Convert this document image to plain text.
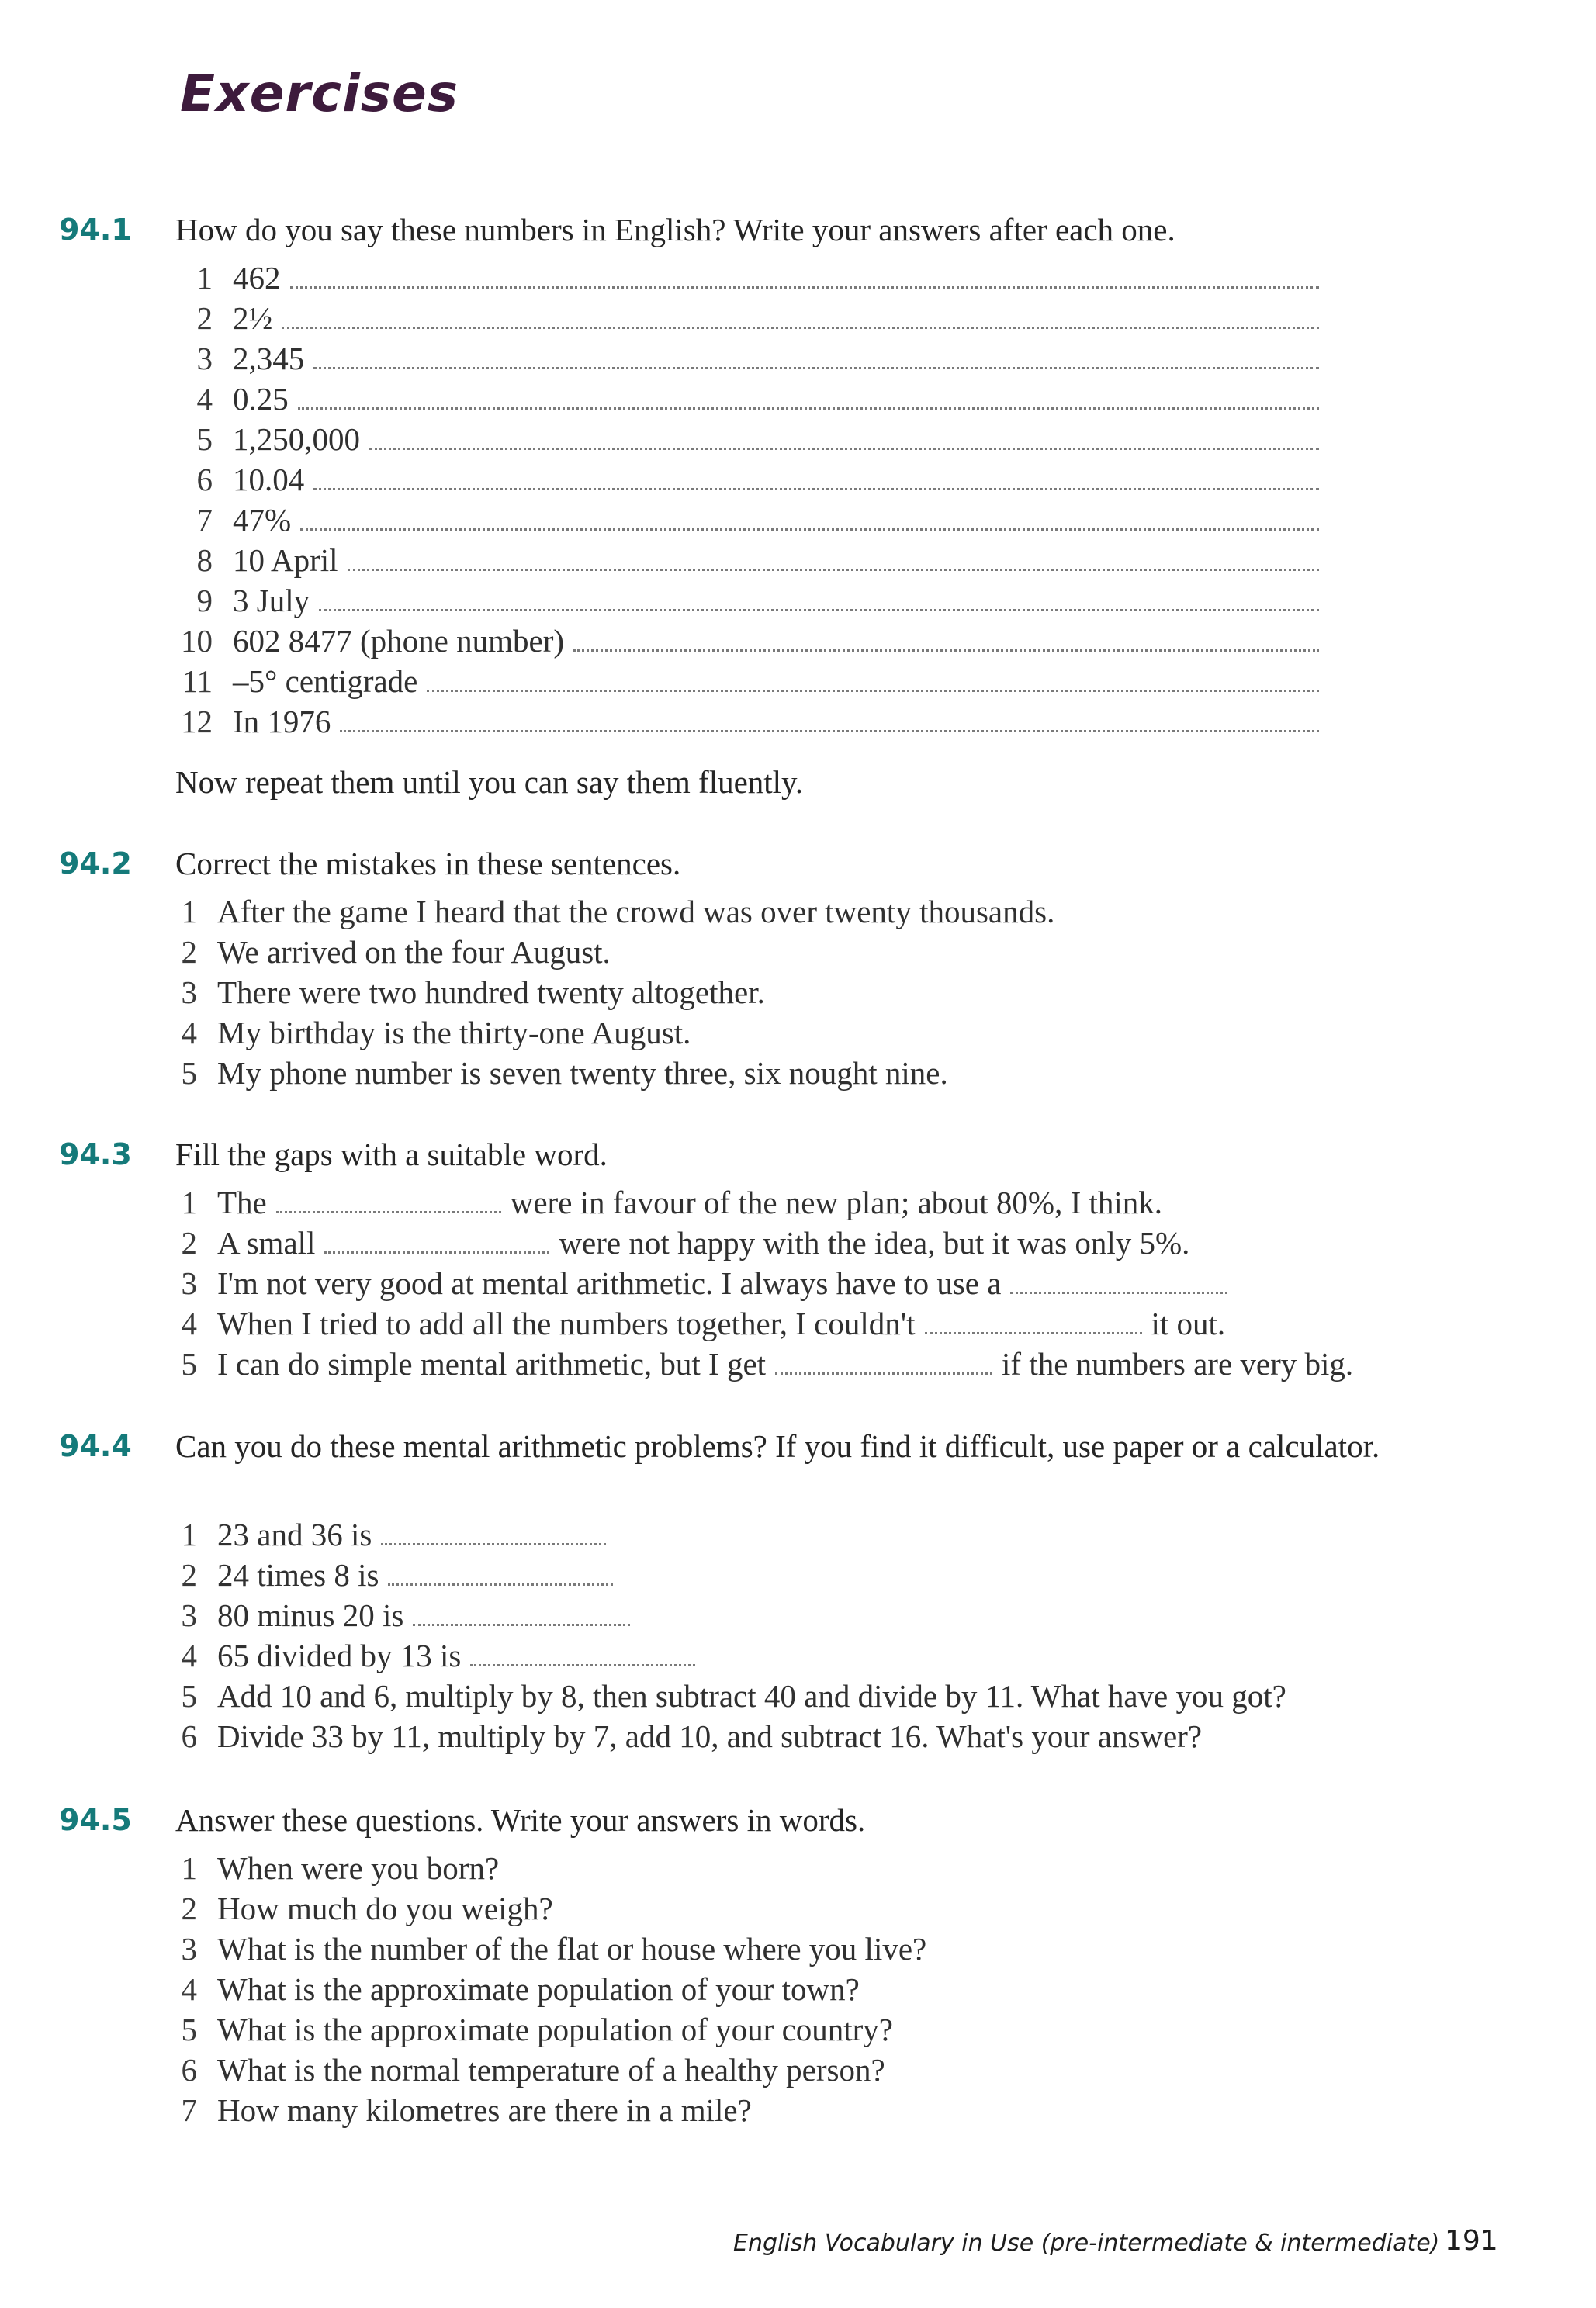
Exercises
94.1 How do you say these numbers in English? Write your answers after each one.
1 462
2 2½
3 2,345
4 0.25
5 1,250,000
6 10.04
7 47%
8 10 April
9 3 July
10 602 8477 (phone number)
11 –5° centigrade
12 In 1976
Now repeat them until you can say them fluently.
94.2 Correct the mistakes in these sentences.
1 After the game I heard that the crowd was over twenty thousands.
2 We arrived on the four August.
3 There were two hundred twenty altogether.
4 My birthday is the thirty-one August.
5 My phone number is seven twenty three, six nought nine.
94.3 Fill the gaps with a suitable word.
1 The	were in favour of the new plan; about 80%, I think.
2 A small	were not happy with the idea, but it was only 5%.
3 I'm not very good at mental arithmetic. I always have to use a
4 When I tried to add all the numbers together, I couldn't	it out.
5 I can do simple mental arithmetic, but I get	if the numbers are very big.
94.4 Can you do these mental arithmetic problems? If you find it difficult, use paper or a calculator.
1 23 and 36 is
2 24 times 8 is
3 80 minus 20 is
4 65 divided by 13 is
5 Add 10 and 6, multiply by 8, then subtract 40 and divide by 11. What have you got?
6 Divide 33 by 11, multiply by 7, add 10, and subtract 16. What's your answer?
94.5 Answer these questions. Write your answers in words.
1 When were you born?
2 How much do you weigh?
3 What is the number of the flat or house where you live?
4 What is the approximate population of your town?
5 What is the approximate population of your country?
6 What is the normal temperature of a healthy person?
7 How many kilometres are there in a mile?
English Vocabulary in Use (pre-intermediate & intermediate) 191
